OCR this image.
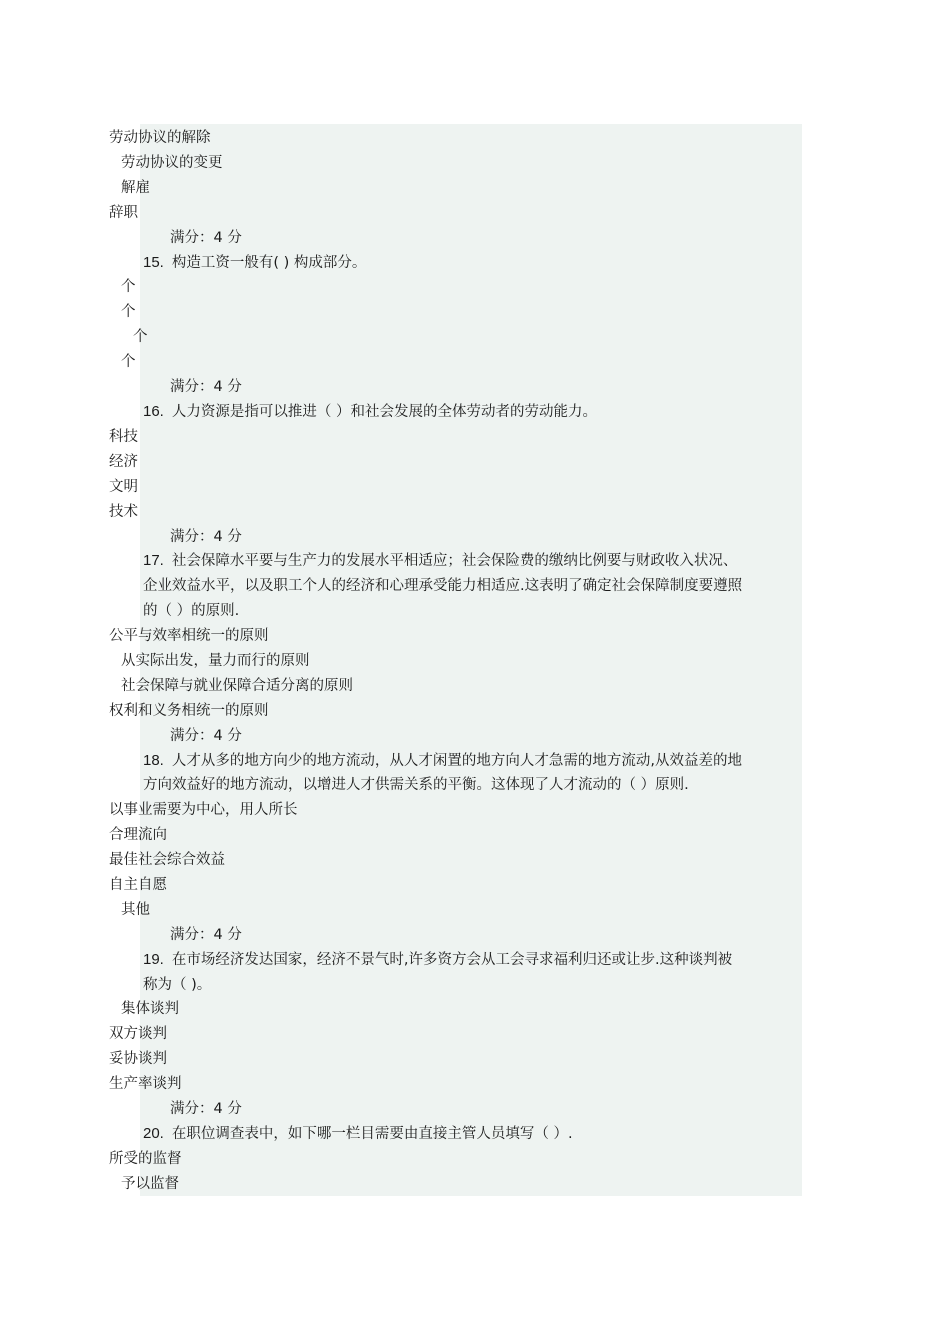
劳动协议的解除
劳动协议的变更
解雇
辞职
满分：4 分
15. 构造工资一般有( ) 构成部分。
个
个
个
个
满分：4 分
16. 人力资源是指可以推进（ ）和社会发展的全体劳动者的劳动能力。
科技
经济
文明
技术
满分：4 分
17. 社会保障水平要与生产力的发展水平相适应；社会保险费的缴纳比例要与财政收入状况、
企业效益水平，以及职工个人的经济和心理承受能力相适应.这表明了确定社会保障制度要遵照
的（ ）的原则.
公平与效率相统一的原则
从实际出发，量力而行的原则
社会保障与就业保障合适分离的原则
权利和义务相统一的原则
满分：4 分
18. 人才从多的地方向少的地方流动，从人才闲置的地方向人才急需的地方流动,从效益差的地
方向效益好的地方流动，以增进人才供需关系的平衡。这体现了人才流动的（ ）原则.
以事业需要为中心，用人所长
合理流向
最佳社会综合效益
自主自愿
其他
满分：4 分
19. 在市场经济发达国家，经济不景气时,许多资方会从工会寻求福利归还或让步.这种谈判被
称为（ )。
集体谈判
双方谈判
妥协谈判
生产率谈判
满分：4 分
20. 在职位调查表中，如下哪一栏目需要由直接主管人员填写（ ）.
所受的监督
予以监督
